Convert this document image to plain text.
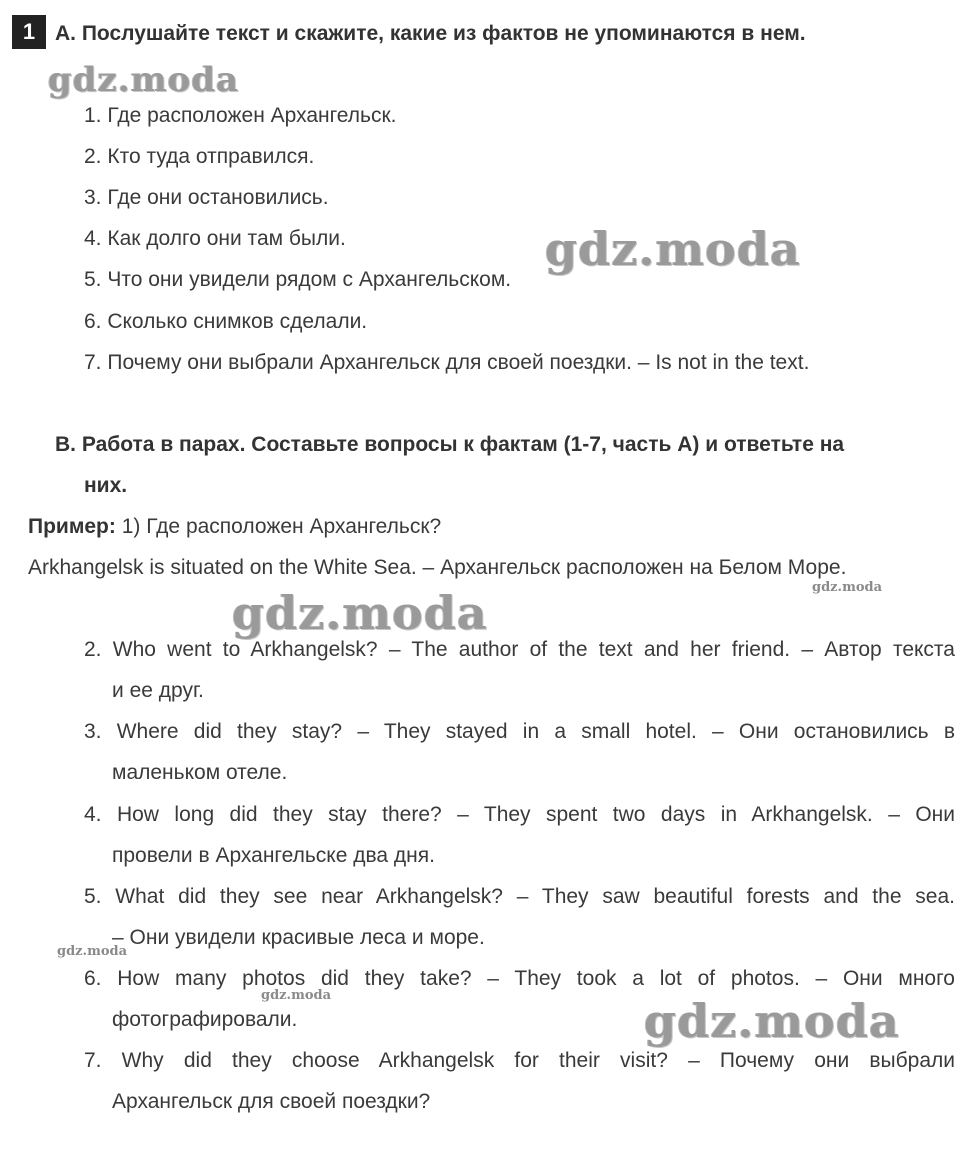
1 A. Послушайте текст и скажите, какие из фактов не упоминаются в нем.
1. Где расположен Архангельск.
2. Кто туда отправился.
3. Где они остановились.
4. Как долго они там были.
5. Что они увидели рядом с Архангельском.
6. Сколько снимков сделали.
7. Почему они выбрали Архангельск для своей поездки. – Is not in the text.
B. Работа в парах. Составьте вопросы к фактам (1-7, часть А) и ответьте на
них.
Пример: 1) Где расположен Архангельск?
Arkhangelsk is situated on the White Sea. – Архангельск расположен на Белом Море.
2. Who went to Arkhangelsk? – The author of the text and her friend. – Автор текста
и ее друг.
3. Where did they stay? – They stayed in a small hotel. – Они остановились в
маленьком отеле.
4. How long did they stay there? – They spent two days in Arkhangelsk. – Они
провели в Архангельске два дня.
5. What did they see near Arkhangelsk? – They saw beautiful forests and the sea.
– Они увидели красивые леса и море.
6. How many photos did they take? – They took a lot of photos. – Они много
фотографировали.
7. Why did they choose Arkhangelsk for their visit? – Почему они выбрали
Архангельск для своей поездки?
gdz.moda
gdz.moda
gdz.moda
gdz.moda
gdz.moda
gdz.moda
gdz.moda
